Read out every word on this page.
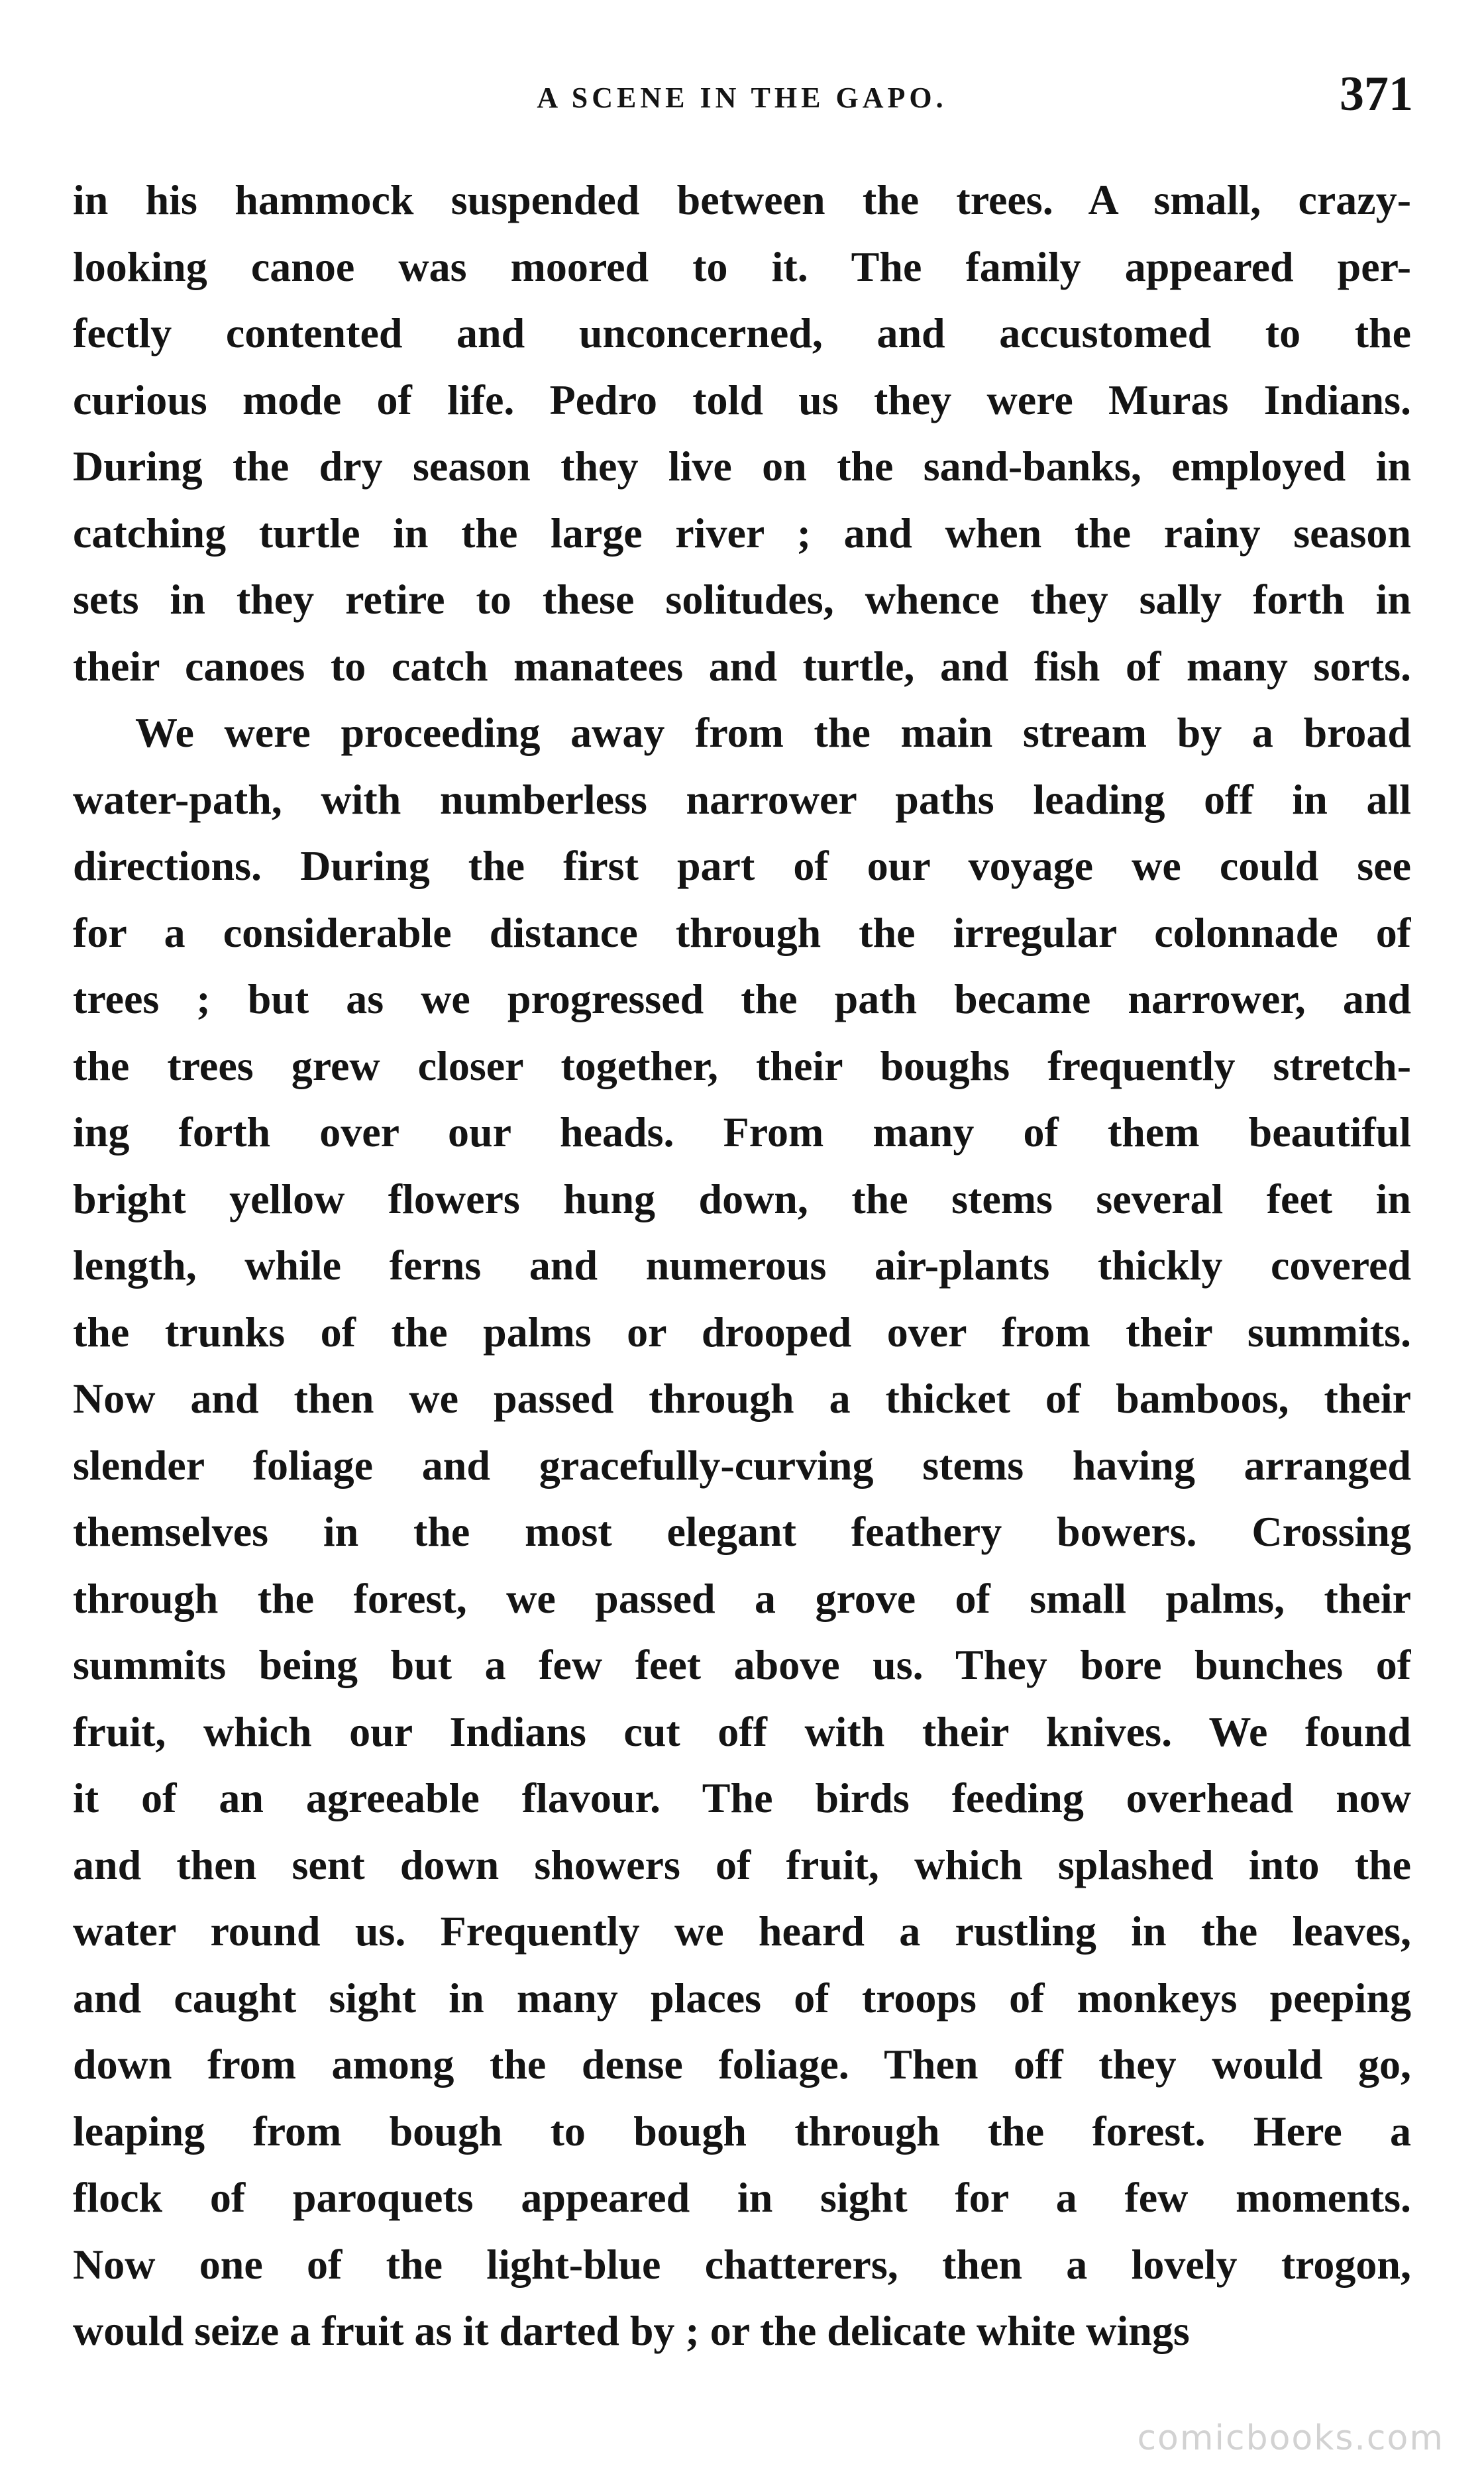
A SCENE IN THE GAPO.	371
in his hammock suspended between the trees. A small, crazy-
looking canoe was moored to it. The family appeared per-
fectly contented and unconcerned, and accustomed to the
curious mode of life. Pedro told us they were Muras Indians.
During the dry season they live on the sand-banks, employed in
catching turtle in the large river ; and when the rainy season
sets in they retire to these solitudes, whence they sally forth in
their canoes to catch manatees and turtle, and fish of many sorts.
We were proceeding away from the main stream by a broad
water-path, with numberless narrower paths leading off in all
directions. During the first part of our voyage we could see
for a considerable distance through the irregular colonnade of
trees ; but as we progressed the path became narrower, and
the trees grew closer together, their boughs frequently stretch-
ing forth over our heads. From many of them beautiful
bright yellow flowers hung down, the stems several feet in
length, while ferns and numerous air-plants thickly covered
the trunks of the palms or drooped over from their summits.
Now and then we passed through a thicket of bamboos, their
slender foliage and gracefully-curving stems having arranged
themselves in the most elegant feathery bowers. Crossing
through the forest, we passed a grove of small palms, their
summits being but a few feet above us. They bore bunches of
fruit, which our Indians cut off with their knives. We found
it of an agreeable flavour. The birds feeding overhead now
and then sent down showers of fruit, which splashed into the
water round us. Frequently we heard a rustling in the leaves,
and caught sight in many places of troops of monkeys peeping
down from among the dense foliage. Then off they would go,
leaping from bough to bough through the forest. Here a
flock of paroquets appeared in sight for a few moments.
Now one of the light-blue chatterers, then a lovely trogon,
would seize a fruit as it darted by ; or the delicate white wings
comicbooks.com
